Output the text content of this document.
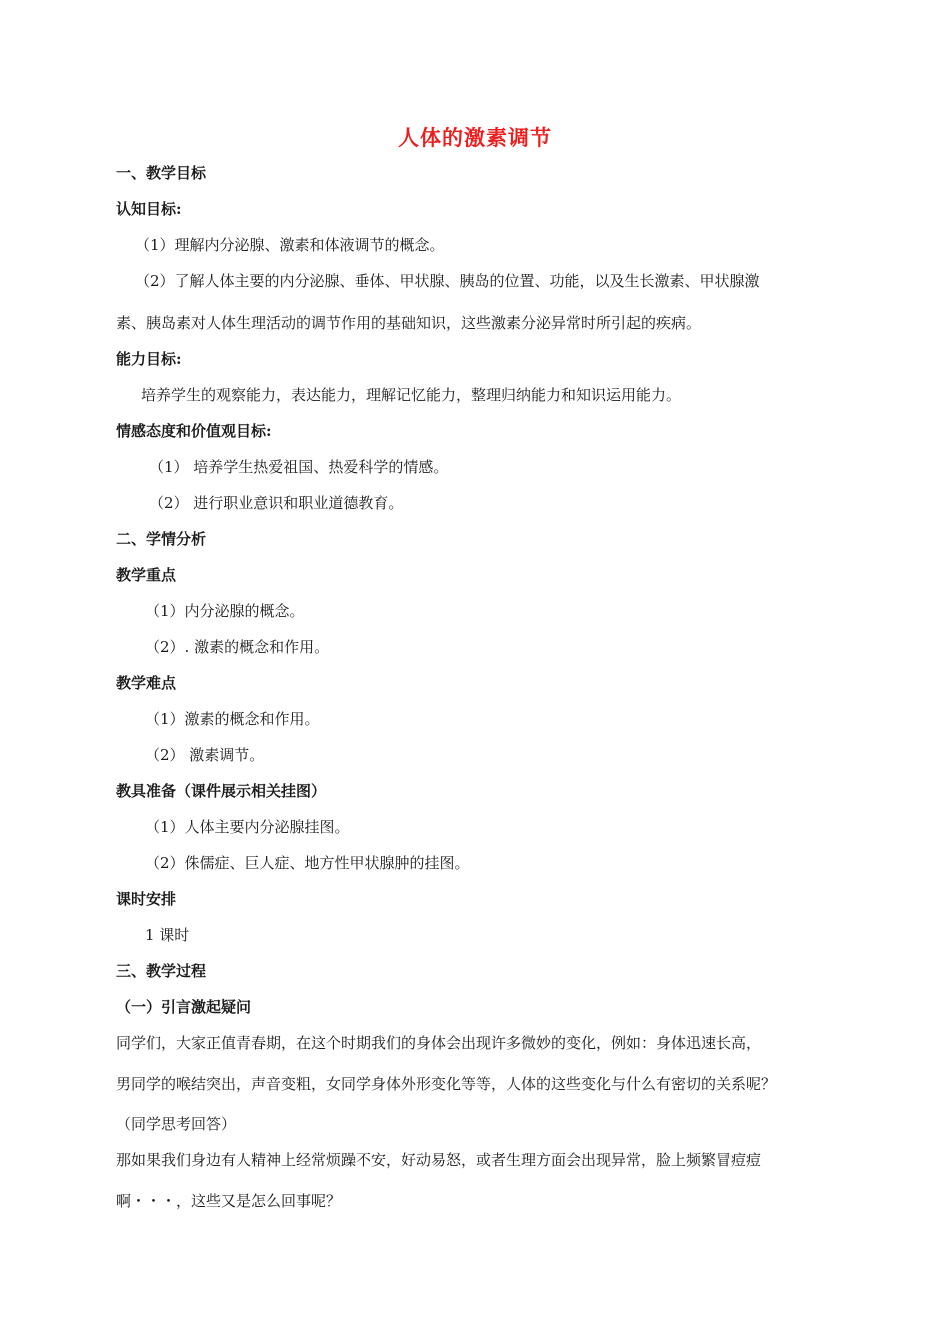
人体的激素调节
一、教学目标
认知目标:
（1）理解内分泌腺、激素和体液调节的概念。
（2）了解人体主要的内分泌腺、垂体、甲状腺、胰岛的位置、功能，以及生长激素、甲状腺激
素、胰岛素对人体生理活动的调节作用的基础知识，这些激素分泌异常时所引起的疾病。
能力目标:
培养学生的观察能力，表达能力，理解记忆能力，整理归纳能力和知识运用能力。
情感态度和价值观目标:
（1） 培养学生热爱祖国、热爱科学的情感。
（2） 进行职业意识和职业道德教育。
二、学情分析
教学重点
（1）内分泌腺的概念。
（2）. 激素的概念和作用。
教学难点
（1）激素的概念和作用。
（2） 激素调节。
教具准备（课件展示相关挂图）
（1）人体主要内分泌腺挂图。
（2）侏儒症、巨人症、地方性甲状腺肿的挂图。
课时安排
1 课时
三、教学过程
（一）引言激起疑问
同学们，大家正值青春期，在这个时期我们的身体会出现许多微妙的变化，例如：身体迅速长高，
男同学的喉结突出，声音变粗，女同学身体外形变化等等，人体的这些变化与什么有密切的关系呢？
（同学思考回答）
那如果我们身边有人精神上经常烦躁不安，好动易怒，或者生理方面会出现异常，脸上频繁冒痘痘
啊・・・，这些又是怎么回事呢？
